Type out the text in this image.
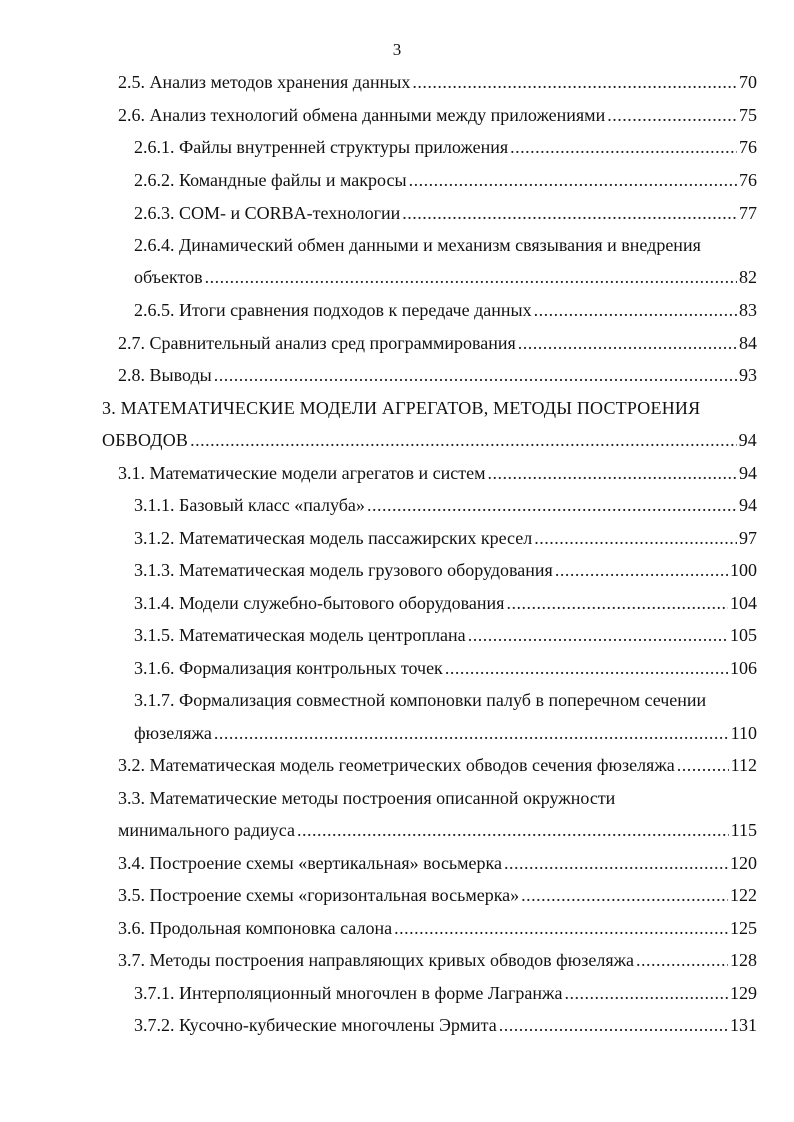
3
2.5. Анализ методов хранения данных .....	70
2.6. Анализ технологий обмена данными между приложениями .....	75
2.6.1. Файлы внутренней структуры приложения .....	76
2.6.2. Командные файлы и макросы .....	76
2.6.3. COM- и CORBA-технологии .....	77
2.6.4. Динамический обмен данными и механизм связывания и внедрения
объектов .....	82
2.6.5. Итоги сравнения подходов к передаче данных .....	83
2.7. Сравнительный анализ сред программирования .....	84
2.8. Выводы .....	93
3. МАТЕМАТИЧЕСКИЕ МОДЕЛИ АГРЕГАТОВ, МЕТОДЫ ПОСТРОЕНИЯ
ОБВОДОВ .....	94
3.1. Математические модели агрегатов и систем .....	94
3.1.1. Базовый класс «палуба» .....	94
3.1.2. Математическая модель пассажирских кресел .....	97
3.1.3. Математическая модель грузового оборудования .....	100
3.1.4. Модели служебно-бытового оборудования .....	104
3.1.5. Математическая модель центроплана .....	105
3.1.6. Формализация контрольных точек .....	106
3.1.7. Формализация совместной компоновки палуб в поперечном сечении
фюзеляжа .....	110
3.2. Математическая модель геометрических обводов сечения фюзеляжа .....	112
3.3. Математические методы построения описанной окружности
минимального радиуса .....	115
3.4. Построение схемы «вертикальная» восьмерка .....	120
3.5. Построение схемы «горизонтальная восьмерка» .....	122
3.6. Продольная компоновка салона .....	125
3.7. Методы построения направляющих кривых обводов фюзеляжа .....	128
3.7.1. Интерполяционный многочлен в форме Лагранжа .....	129
3.7.2. Кусочно-кубические многочлены Эрмита .....	131
